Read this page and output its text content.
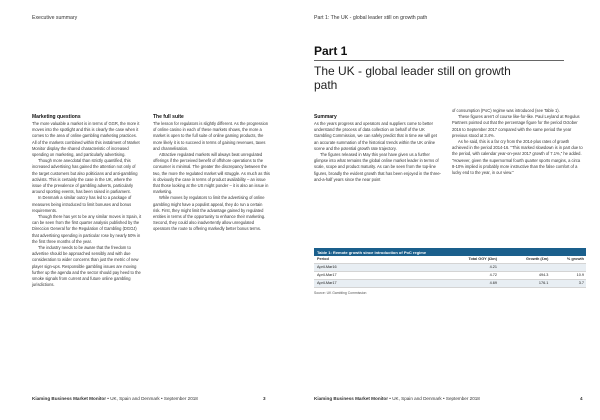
Executive summary
Marketing questions

The more valuable a market is in terms of GGR, the more it moves into the spotlight and this is clearly the case when it comes to the area of online gambling marketing practices. All of the markets combined within this instalment of Market Monitor display the shared characteristic of increased spending on marketing, and particularly advertising.

Though more anecdotal than strictly quantified, this increased advertising has gained the attention not only of the target customers but also politicians and anti-gambling activists. This is certainly the case in the UK, where the issue of the prevalence of gambling adverts, particularly around sporting events, has been raised in parliament.

In Denmark a similar outcry has led to a package of measures being introduced to limit bonuses and bonus requirements.

Though there has yet to be any similar moves in Spain, it can be seen from the first quarter analysis published by the Direccion General for the Regulation of Gambling (DGOJ) that advertising spending in particular rose by nearly 50% in the first three months of the year.

The industry needs to be aware that the freedom to advertise should be approached sensibly and with due consideration to wider concerns than just the metric of new player sign-ups. Responsible gambling issues are moving further up the agenda and the sector should pay heed to the smoke signals from current and future online gambling jurisdictions.

The full suite

The lesson for regulators is slightly different. As the progression of online casino in each of these markets shows, the more a market is open to the full suite of online gaming products, the more likely it is to succeed in terms of gaining revenues, taxes and channelisation.

Attractive regulated markets will always beat unregulated offerings if the perceived benefit of offshore operations to the consumer is minimal. The greater the discrepancy between the two, the more the regulated market will struggle. As much as this is obviously the case in terms of product availability – an issue that those looking at the US might ponder – it is also an issue in marketing.

While moves by regulators to limit the advertising of online gambling might have a populist appeal, they do run a certain risk. First, they might limit the advantage gained by regulated entities in terms of the opportunity to enhance their marketing. Second, they could also inadvertently allow unregulated operators the route to offering markedly better bonus terms.

Kiaming Business Market Monitor • UK, Spain and Denmark • September 2018	3
Part 1: The UK - global leader still on growth path
Part 1
The UK - global leader still on growth path
Summary

As the years progress and operators and suppliers come to better understand the process of data collection on behalf of the UK Gambling Commission, we can safely predict that in time we will get an accurate summation of the historical trends within the UK online scene and the potential growth rate trajectory.

The figures released in May this year have given us a further glimpse into what remains the global online market leader in terms of scale, scope and product maturity. As can be seen from the top-line figures, broadly the evident growth that has been enjoyed in the three-and-a-half years since the near point

of consumption (PoC) regime was introduced (see Table 1).

These figures aren't of course like-for-like. Paul Leyland at Regulus Partners pointed out that the percentage figure for the period October 2016 to September 2017 compared with the same period the year previous stood at 3.4%.

As he said, this is a far cry from the 2014-plus rates of growth achieved in the period 2014-16. "This marked slowdown is in part due to the period, with calendar year-on-year 2017 growth of 7.1%," he added. "However, given the supernormal fourth quarter sports margins, a circa 8-10% implied is probably more instructive than the false comfort of a lucky end to the year, in our view."

Table 1: Remote growth since introduction of PoC regime
Period	Total GGY (£bn)	Growth (£m)	% growth
April-Mar16	4.21
April-Mar17	4.72	494.3	10.9
April-Mar17	4.69	176.1	3.7
Source: UK Gambling Commission
Kiaming Business Market Monitor • UK, Spain and Denmark • September 2018	4
